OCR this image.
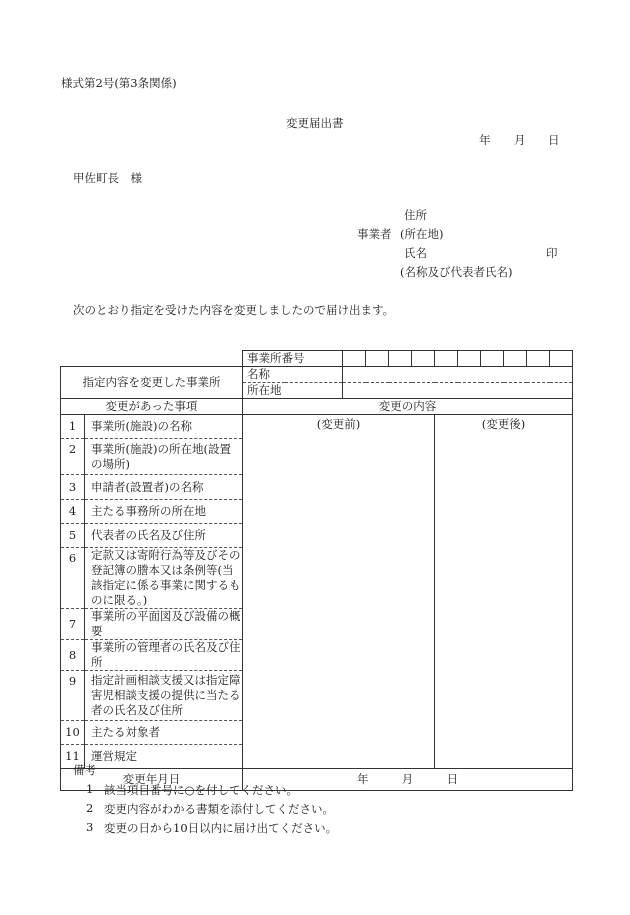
様式第2号(第3条関係)
変更届出書
年 月 日
甲佐町長　様
住所
事業者 (所在地)
氏名	印
(名称及び代表者氏名)
次のとおり指定を受けた内容を変更しましたので届け出ます。
		事業所番号										
指定内容を変更した事業所		名称										
		所在地										
変更があった事項		変更の内容										
1	事業所(施設)の名称	(変更前)					(変更後)					
2	事業所(施設)の所在地(設置の場所)											
3	申請者(設置者)の名称											
4	主たる事務所の所在地											
5	代表者の氏名及び住所											
6	定款又は寄附行為等及びその登記簿の謄本又は条例等(当該指定に係る事業に関するものに限る。)											
7	事業所の平面図及び設備の概要											
8	事業所の管理者の氏名及び住所											
9	指定計画相談支援又は指定障害児相談支援の提供に当たる者の氏名及び住所											
10	主たる対象者											
11	運営規定											
変更年月日		年 月 日										
備考
1 該当項目番号に○を付してください。
2 変更内容がわかる書類を添付してください。
3 変更の日から10日以内に届け出てください。
